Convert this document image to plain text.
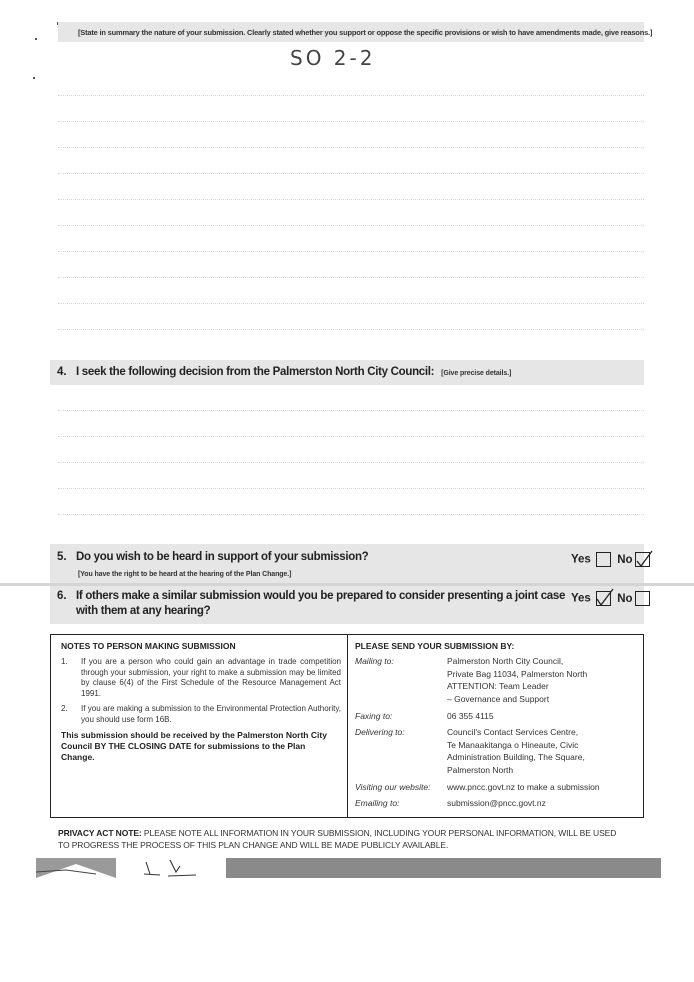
[State in summary the nature of your submission. Clearly stated whether you support or oppose the specific provisions or wish to have amendments made, give reasons.]
SO 2-2
4. I seek the following decision from the Palmerston North City Council: [Give precise details.]
5. Do you wish to be heard in support of your submission?
[You have the right to be heard at the hearing of the Plan Change.]
Yes No
6. If others make a similar submission would you be prepared to consider presenting a joint case
with them at any hearing?
Yes No
NOTES TO PERSON MAKING SUBMISSION
1.	If you are a person who could gain an advantage in trade competition through your submission, your right to make a submission may be limited by clause 6(4) of the First Schedule of the Resource Management Act 1991.
2.	If you are making a submission to the Environmental Protection Authority, you should use form 16B.
This submission should be received by the Palmerston North City Council BY THE CLOSING DATE for submissions to the Plan Change.
PLEASE SEND YOUR SUBMISSION BY:
Mailing to:	Palmerston North City Council,
Private Bag 11034, Palmerston North
ATTENTION: Team Leader
– Governance and Support
Faxing to:	06 355 4115
Delivering to:	Council's Contact Services Centre,
Te Manaakitanga o Hineaute, Civic
Administration Building, The Square,
Palmerston North
Visiting our website:	www.pncc.govt.nz to make a submission
Emailing to:	submission@pncc.govt.nz
PRIVACY ACT NOTE: PLEASE NOTE ALL INFORMATION IN YOUR SUBMISSION, INCLUDING YOUR PERSONAL INFORMATION, WILL BE USED TO PROGRESS THE PROCESS OF THIS PLAN CHANGE AND WILL BE MADE PUBLICLY AVAILABLE.
